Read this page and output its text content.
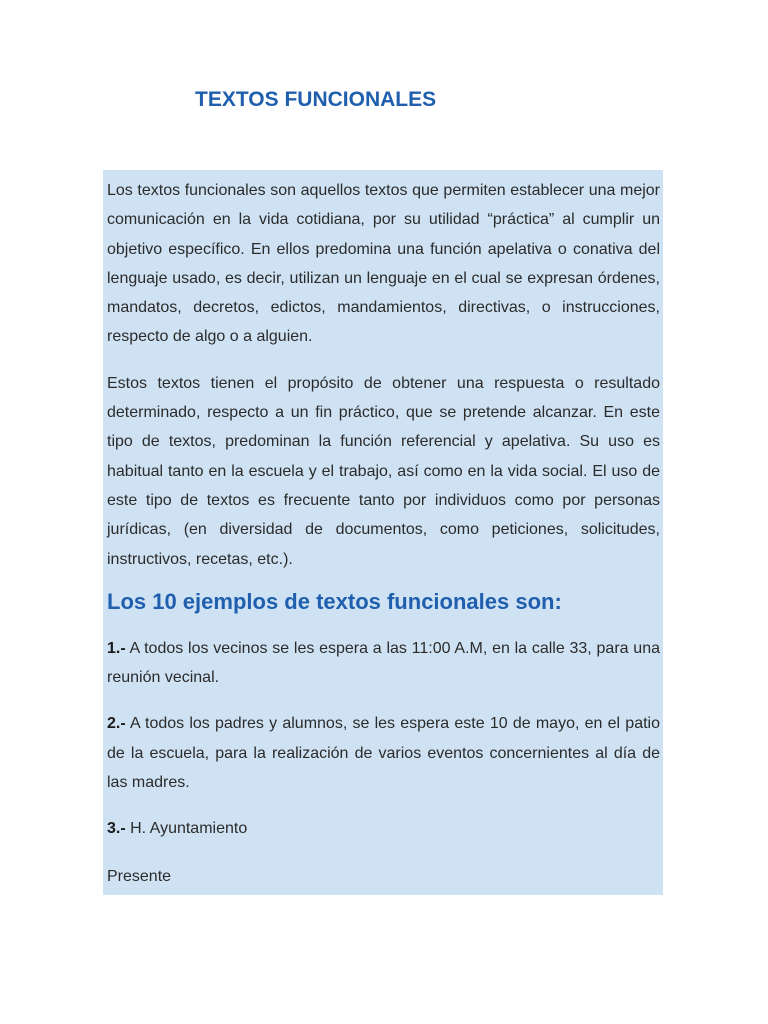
TEXTOS FUNCIONALES

Los textos funcionales son aquellos textos que permiten establecer una mejor comunicación en la vida cotidiana, por su utilidad “práctica” al cumplir un objetivo específico. En ellos predomina una función apelativa o conativa del lenguaje usado, es decir, utilizan un lenguaje en el cual se expresan órdenes, mandatos, decretos, edictos, mandamientos, directivas, o instrucciones, respecto de algo o a alguien.

Estos textos tienen el propósito de obtener una respuesta o resultado determinado, respecto a un fin práctico, que se pretende alcanzar. En este tipo de textos, predominan la función referencial y apelativa. Su uso es habitual tanto en la escuela y el trabajo, así como en la vida social. El uso de este tipo de textos es frecuente tanto por individuos como por personas jurídicas, (en diversidad de documentos, como peticiones, solicitudes, instructivos, recetas, etc.).

Los 10 ejemplos de textos funcionales son:

1.- A todos los vecinos se les espera a las 11:00 A.M, en la calle 33, para una reunión vecinal.

2.- A todos los padres y alumnos, se les espera este 10 de mayo, en el patio de la escuela, para la realización de varios eventos concernientes al día de las madres.

3.- H. Ayuntamiento

Presente
